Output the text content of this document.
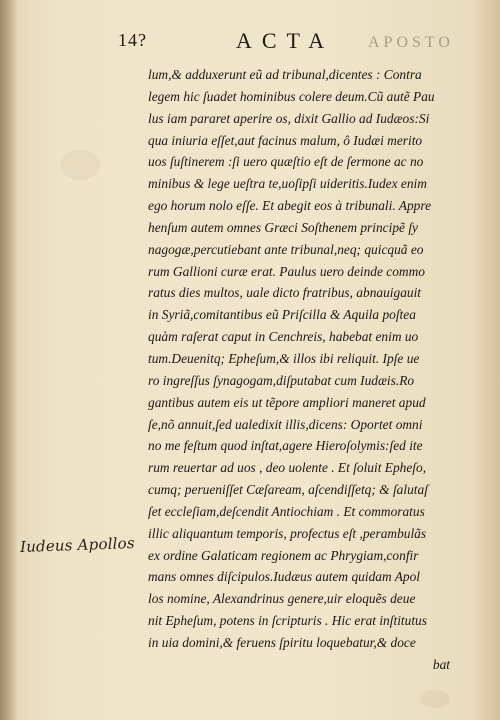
14?	ACTA APOSTO
lum,& adduxerunt eũ ad tribunal,dicentes : Contra
legem hic ſuadet hominibus colere deum.Cũ autẽ Pau
lus iam pararet aperire os, dixit Gallio ad Iudæos:Si
qua iniuria eſſet,aut facinus malum, ô Iudæi merito
uos ſuſtinerem :ſi uero quæſtio eſt de ſermone ac no
minibus & lege ueſtra te,uoſipſi uideritis.Iudex enim
ego horum nolo eſſe. Et abegit eos à tribunali. Appre
henſum autem omnes Græci Soſthenem principẽ ſy
nagogæ,percutiebant ante tribunal,neq; quicquã eo
rum Gallioni curæ erat. Paulus uero deinde commo
ratus dies multos, uale dicto fratribus, abnauigauit
in Syriã,comitantibus eũ Priſcilla & Aquila poſtea
quàm raſerat caput in Cenchreis, habebat enim uo
tum.Deuenitq; Epheſum,& illos ibi reliquit. Ipſe ue
ro ingreſſus ſynagogam,diſputabat cum Iudæis.Ro
gantibus autem eis ut tẽpore ampliori maneret apud
ſe,nõ annuit,ſed ualedixit illis,dicens: Oportet omni
no me feſtum quod inſtat,agere Hieroſolymis:ſed ite
rum reuertar ad uos , deo uolente . Et ſoluit Epheſo,
cumq; perueniſſet Cæſaream, aſcendiſſetq; & ſalutaſ
ſet eccleſiam,deſcendit Antiochiam . Et commoratus
illic aliquantum temporis, profectus eſt ,perambulãs
ex ordine Galaticam regionem ac Phrygiam,confir
mans omnes diſcipulos.Iudæus autem quidam Apol
los nomine, Alexandrinus genere,uir eloquẽs deue
nit Epheſum, potens in ſcripturis . Hic erat inſtitutus
in uia domini,& feruens ſpiritu loquebatur,& doce
bat
Iudeus Apollos
